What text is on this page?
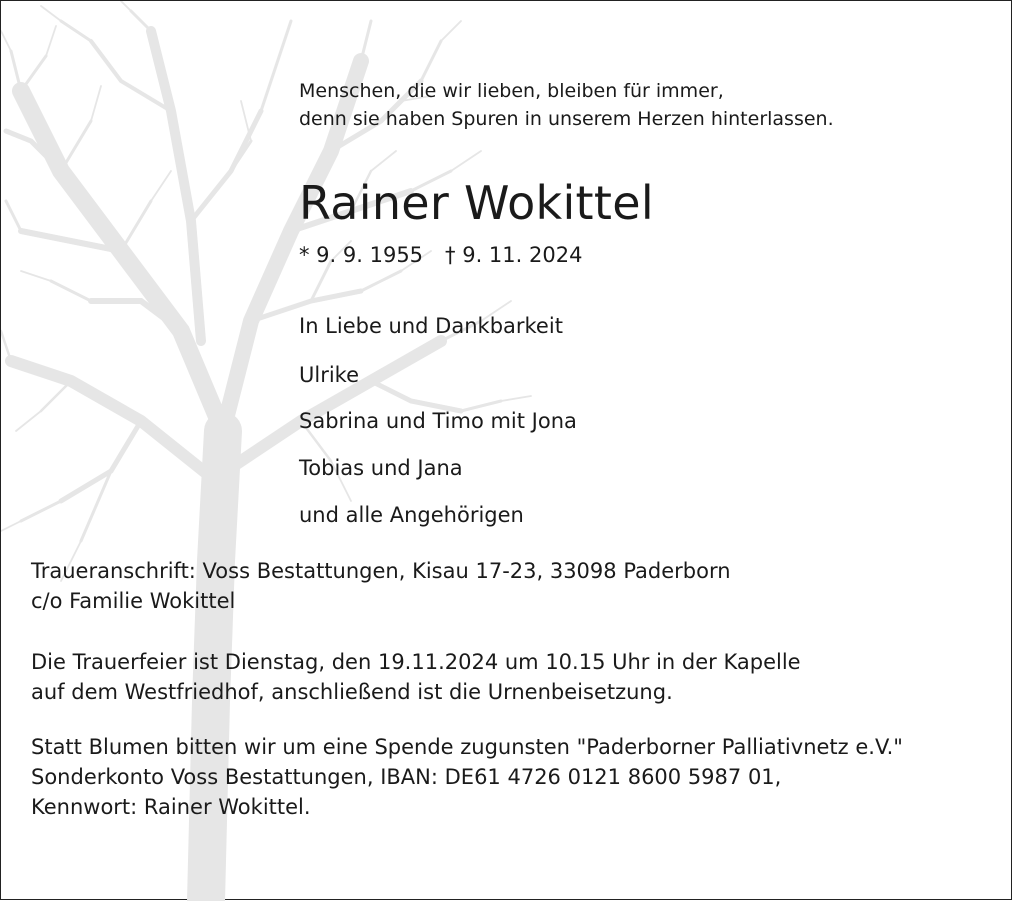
Menschen, die wir lieben, bleiben für immer,
denn sie haben Spuren in unserem Herzen hinterlassen.
Rainer Wokittel
* 9. 9. 1955 † 9. 11. 2024
In Liebe und Dankbarkeit
Ulrike
Sabrina und Timo mit Jona
Tobias und Jana
und alle Angehörigen
Traueranschrift: Voss Bestattungen, Kisau 17-23, 33098 Paderborn
c/o Familie Wokittel
Die Trauerfeier ist Dienstag, den 19.11.2024 um 10.15 Uhr in der Kapelle
auf dem Westfriedhof, anschließend ist die Urnenbeisetzung.
Statt Blumen bitten wir um eine Spende zugunsten "Paderborner Palliativnetz e.V."
Sonderkonto Voss Bestattungen, IBAN: DE61 4726 0121 8600 5987 01,
Kennwort: Rainer Wokittel.
